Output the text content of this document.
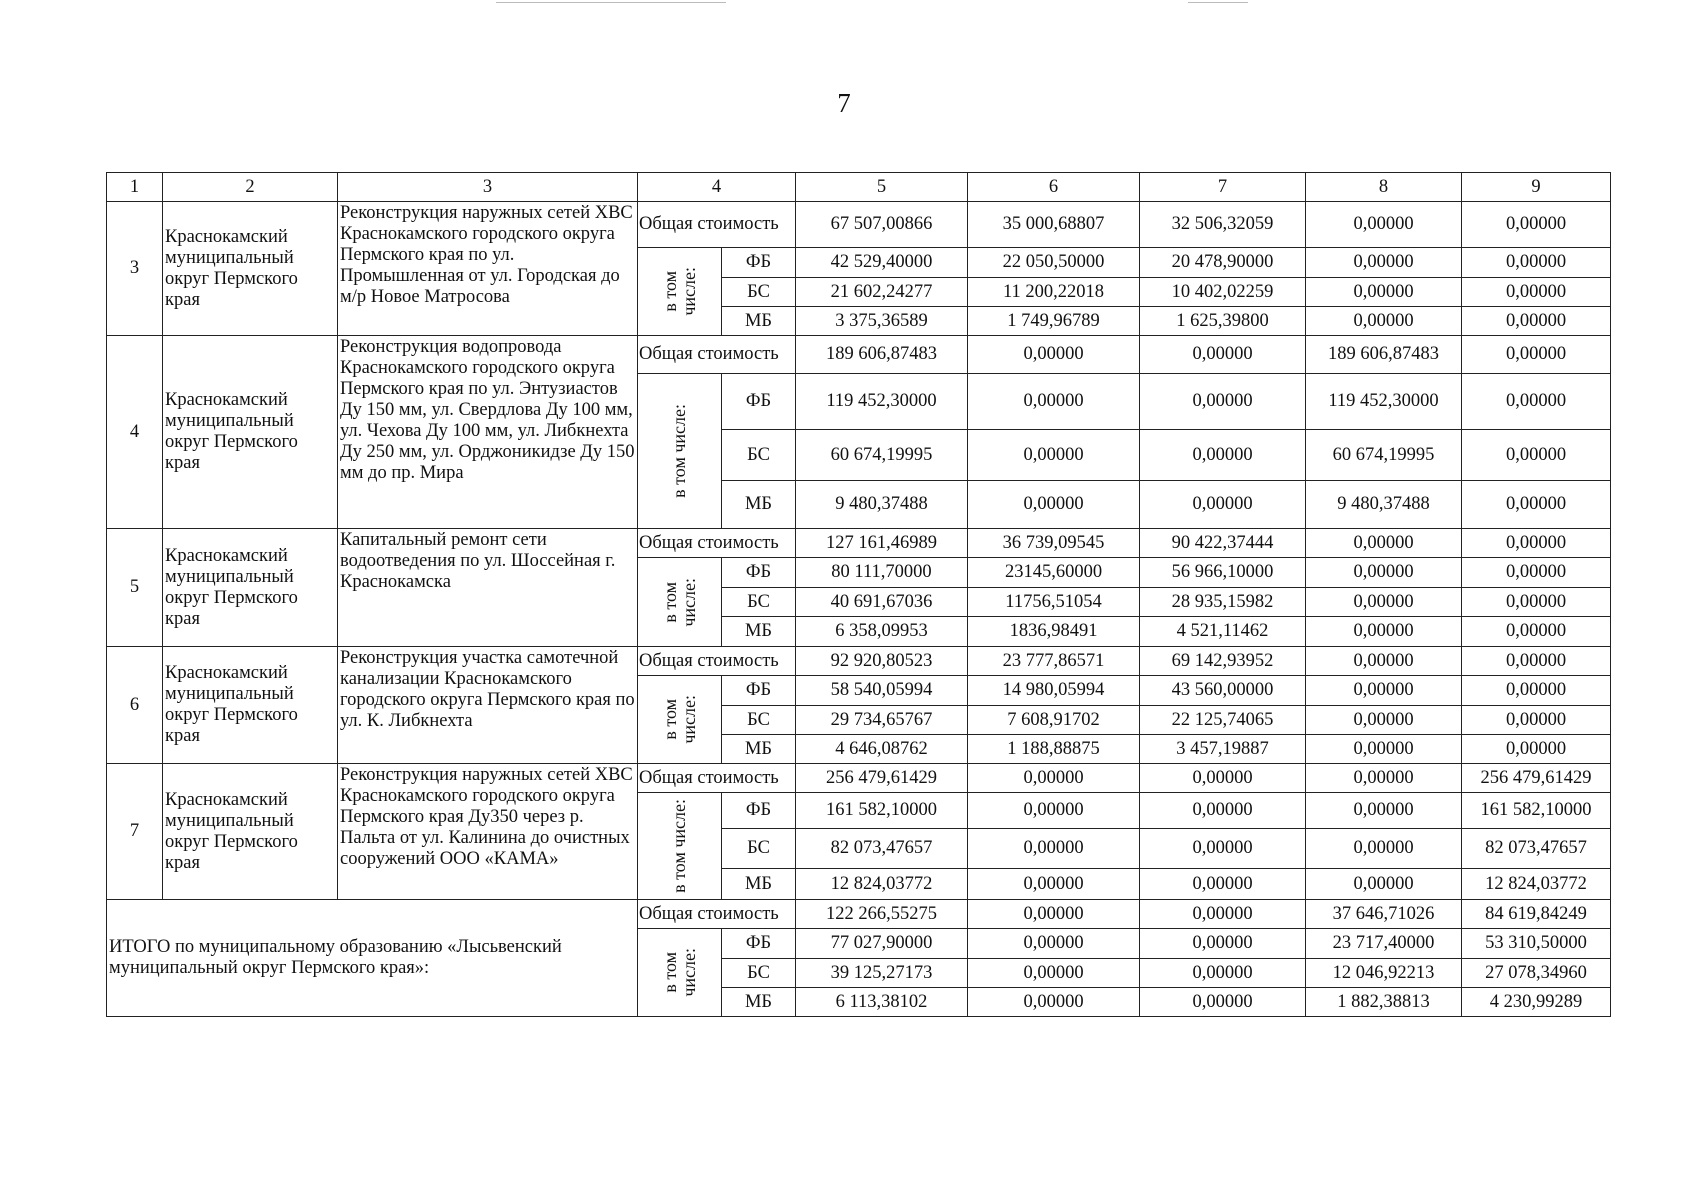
7
1	2	3	4		5	6	7	8	9
3	Краснокамский муниципальный округ Пермского края	Реконструкция наружных сетей ХВС Краснокамского городского округа Пермского края по ул. Промышленная от ул. Городская до м/р Новое Матросова	Общая стоимость		67 507,00866	35 000,68807	32 506,32059	0,00000	0,00000

			в том числе:	ФБ	42 529,40000	22 050,50000	20 478,90000	0,00000	0,00000
				БС	21 602,24277	11 200,22018	10 402,02259	0,00000	0,00000
				МБ	3 375,36589	1 749,96789	1 625,39800	0,00000	0,00000
4	Краснокамский муниципальный округ Пермского края	Реконструкция водопровода Краснокамского городского округа Пермского края по ул. Энтузиастов Ду 150 мм, ул. Свердлова Ду 100 мм, ул. Чехова Ду 100 мм, ул. Либкнехта Ду 250 мм, ул. Орджоникидзе Ду 150 мм до пр. Мира	Общая стоимость		189 606,87483	0,00000	0,00000	189 606,87483	0,00000

			в том числе:	ФБ	119 452,30000	0,00000	0,00000	119 452,30000	0,00000
				БС	60 674,19995	0,00000	0,00000	60 674,19995	0,00000
				МБ	9 480,37488	0,00000	0,00000	9 480,37488	0,00000
5	Краснокамский муниципальный округ Пермского края	Капитальный ремонт сети водоотведения по ул. Шоссейная г. Краснокамска	Общая стоимость		127 161,46989	36 739,09545	90 422,37444	0,00000	0,00000

			в том числе:	ФБ	80 111,70000	23145,60000	56 966,10000	0,00000	0,00000
				БС	40 691,67036	11756,51054	28 935,15982	0,00000	0,00000
				МБ	6 358,09953	1836,98491	4 521,11462	0,00000	0,00000
6	Краснокамский муниципальный округ Пермского края	Реконструкция участка самотечной канализации Краснокамского городского округа Пермского края по ул. К. Либкнехта	Общая стоимость		92 920,80523	23 777,86571	69 142,93952	0,00000	0,00000

			в том числе:	ФБ	58 540,05994	14 980,05994	43 560,00000	0,00000	0,00000
				БС	29 734,65767	7 608,91702	22 125,74065	0,00000	0,00000
				МБ	4 646,08762	1 188,88875	3 457,19887	0,00000	0,00000
7	Краснокамский муниципальный округ Пермского края	Реконструкция наружных сетей ХВС Краснокамского городского округа Пермского края Ду350 через р. Пальта от ул. Калинина до очистных сооружений ООО «КАМА»	Общая стоимость		256 479,61429	0,00000	0,00000	0,00000	256 479,61429

			в том числе:	ФБ	161 582,10000	0,00000	0,00000	0,00000	161 582,10000
				БС	82 073,47657	0,00000	0,00000	0,00000	82 073,47657
				МБ	12 824,03772	0,00000	0,00000	0,00000	12 824,03772
ИТОГО по муниципальному образованию «Лысьвенский муниципальный округ Пермского края»:			Общая стоимость		122 266,55275	0,00000	0,00000	37 646,71026	84 619,84249

			в том числе:	ФБ	77 027,90000	0,00000	0,00000	23 717,40000	53 310,50000
				БС	39 125,27173	0,00000	0,00000	12 046,92213	27 078,34960
				МБ	6 113,38102	0,00000	0,00000	1 882,38813	4 230,99289
